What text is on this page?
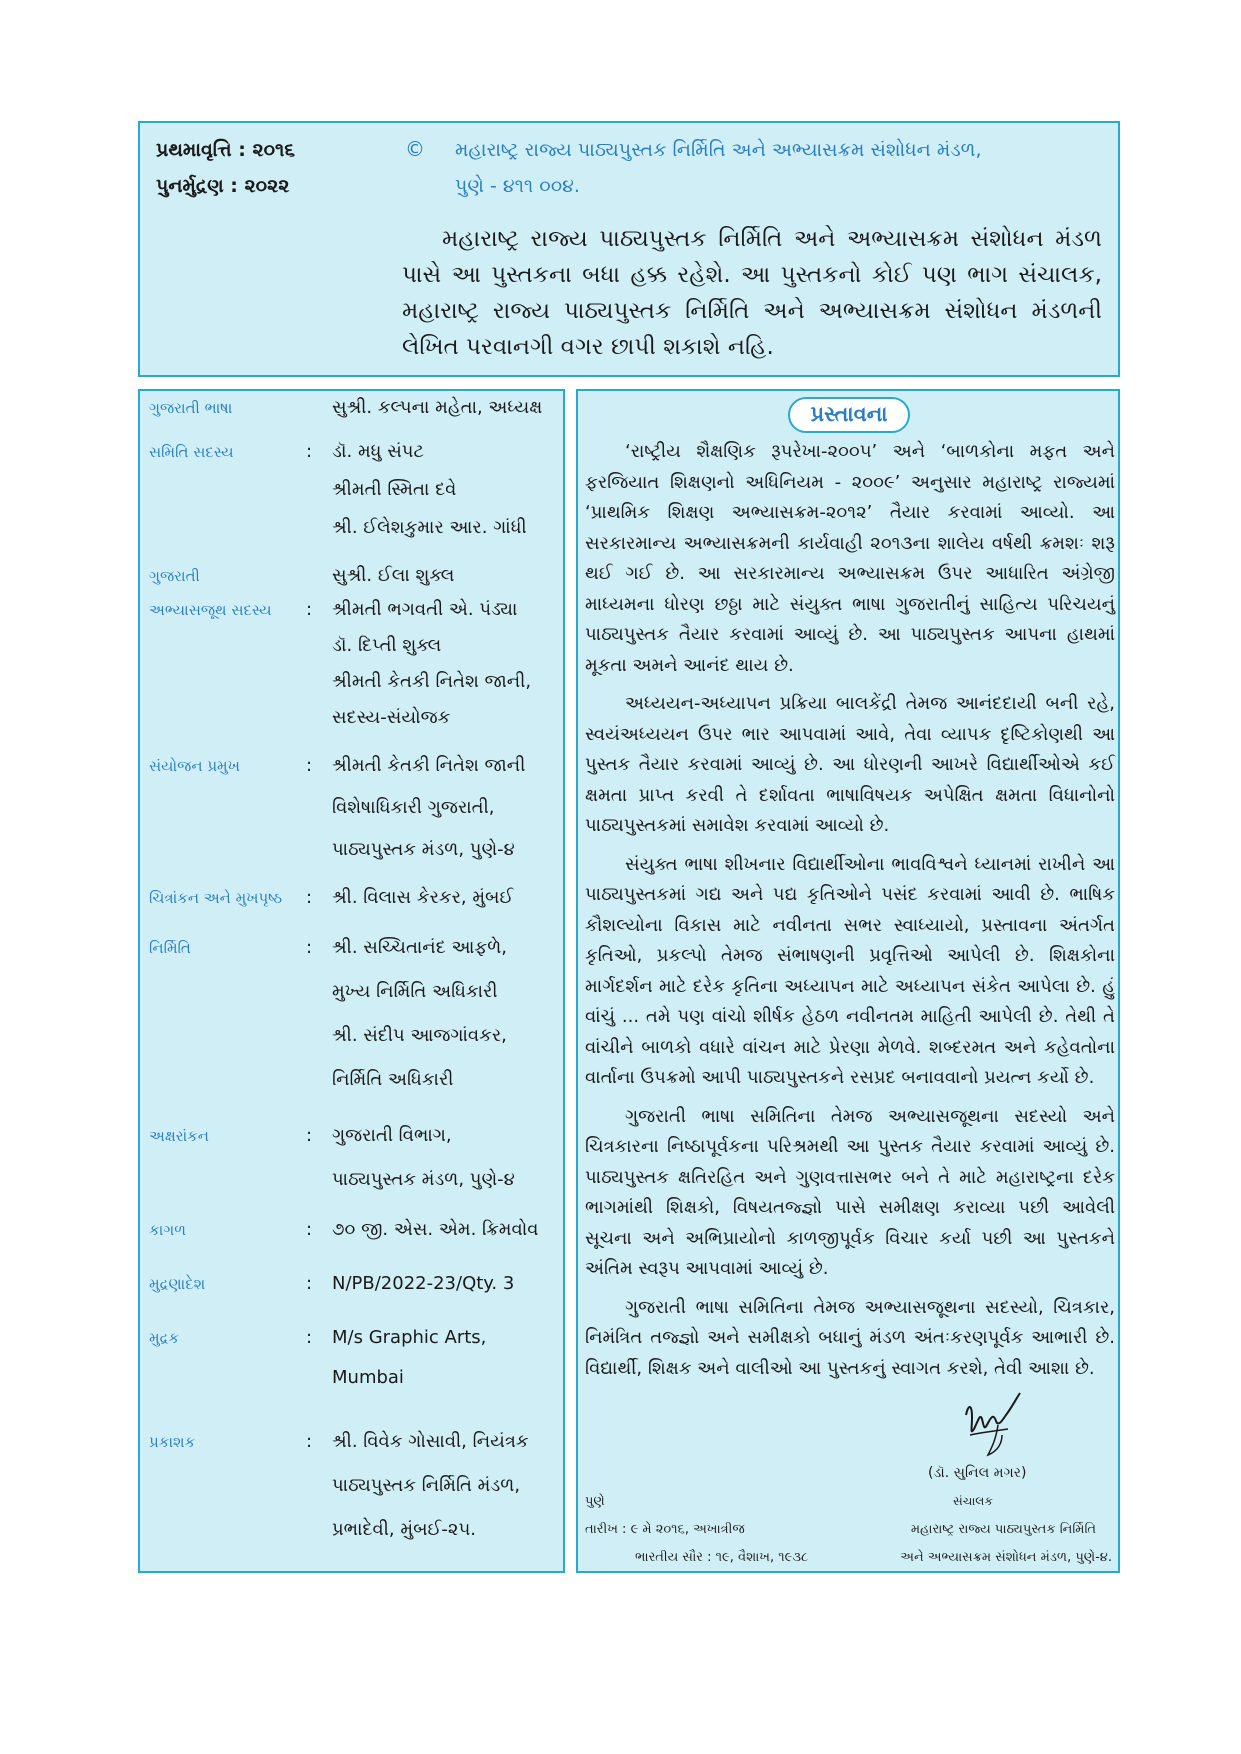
પ્રથમાવૃત્તિ : ૨૦૧૬
પુનર્મુદ્રણ : ૨૦૨૨
© મહારાષ્ટ્ર રાજ્ય પાઠ્યપુસ્તક નિર્મિતિ અને અભ્યાસક્રમ સંશોધન મંડળ,
પુણે - ૪૧૧ ૦૦૪.

મહારાષ્ટ્ર રાજ્ય પાઠ્યપુસ્તક નિર્મિતિ અને અભ્યાસક્રમ સંશોધન મંડળ પાસે આ પુસ્તકના બધા હક્ક રહેશે. આ પુસ્તકનો કોઈ પણ ભાગ સંચાલક, મહારાષ્ટ્ર રાજ્ય પાઠ્યપુસ્તક નિર્મિતિ અને અભ્યાસક્રમ સંશોધન મંડળની લેખિત પરવાનગી વગર છાપી શકાશે નહિ.

ગુજરાતી ભાષા	સુશ્રી. કલ્પના મહેતા, અધ્યક્ષ
સમિતિ સદસ્ય	: ડૉ. મધુ સંપટ
શ્રીમતી સ્મિતા દવે
શ્રી. ઈલેશકુમાર આર. ગાંધી
ગુજરાતી	સુશ્રી. ઈલા શુક્લ
અભ્યાસજૂથ સદસ્ય : શ્રીમતી ભગવતી એ. પંડ્યા
ડૉ. દિપ્તી શુક્લ
શ્રીમતી કેતકી નિતેશ જાની,
સદસ્ય-સંયોજક
સંયોજન પ્રમુખ	: શ્રીમતી કેતકી નિતેશ જાની
વિશેષાધિકારી ગુજરાતી,
પાઠ્યપુસ્તક મંડળ, પુણે-૪
ચિત્રાંકન અને મુખપૃષ્ઠ : શ્રી. વિલાસ કેરકર, મુંબઈ
નિર્મિતિ	: શ્રી. સચ્ચિતાનંદ આફળે,
મુખ્ય નિર્મિતિ અધિકારી
શ્રી. સંદીપ આજગાંવકર,
નિર્મિતિ અધિકારી
અક્ષરાંકન	: ગુજરાતી વિભાગ,
પાઠ્યપુસ્તક મંડળ, પુણે-૪
કાગળ	: ૭૦ જી. એસ. એમ. ક્રિમવોવ
મુદ્રણાદેશ	: N/PB/2022-23/Qty. 3
મુદ્રક	: M/s Graphic Arts,
Mumbai
પ્રકાશક	: શ્રી. વિવેક ગોસાવી, નિયંત્રક
પાઠ્યપુસ્તક નિર્મિતિ મંડળ,
પ્રભાદેવી, મુંબઈ-૨૫.
પ્રસ્તાવના

‘રાષ્ટ્રીય શૈક્ષણિક રૂપરેખા-૨૦૦૫’ અને ‘બાળકોના મફત અને ફરજિયાત શિક્ષણનો અધિનિયમ - ૨૦૦૯’ અનુસાર મહારાષ્ટ્ર રાજ્યમાં ‘પ્રાથમિક શિક્ષણ અભ્યાસક્રમ-૨૦૧૨’ તૈયાર કરવામાં આવ્યો. આ સરકારમાન્ય અભ્યાસક્રમની કાર્યવાહી ૨૦૧૩ના શાલેય વર્ષથી ક્રમશઃ શરૂ થઈ ગઈ છે. આ સરકારમાન્ય અભ્યાસક્રમ ઉપર આધારિત અંગ્રેજી માધ્યમના ધોરણ છઠ્ઠા માટે સંયુક્ત ભાષા ગુજરાતીનું સાહિત્ય પરિચયનું પાઠ્યપુસ્તક તૈયાર કરવામાં આવ્યું છે. આ પાઠ્યપુસ્તક આપના હાથમાં મૂકતા અમને આનંદ થાય છે.

અધ્યયન-અધ્યાપન પ્રક્રિયા બાલકેંદ્રી તેમજ આનંદદાયી બની રહે, સ્વયંઅધ્યયન ઉપર ભાર આપવામાં આવે, તેવા વ્યાપક દૃષ્ટિકોણથી આ પુસ્તક તૈયાર કરવામાં આવ્યું છે. આ ધોરણની આખરે વિદ્યાર્થીઓએ કઈ ક્ષમતા પ્રાપ્ત કરવી તે દર્શાવતા ભાષાવિષયક અપેક્ષિત ક્ષમતા વિધાનોનો પાઠ્યપુસ્તકમાં સમાવેશ કરવામાં આવ્યો છે.

સંયુક્ત ભાષા શીખનાર વિદ્યાર્થીઓના ભાવવિશ્વને ધ્યાનમાં રાખીને આ પાઠ્યપુસ્તકમાં ગદ્ય અને પદ્ય કૃતિઓને પસંદ કરવામાં આવી છે. ભાષિક કૌશલ્યોના વિકાસ માટે નવીનતા સભર સ્વાધ્યાયો, પ્રસ્તાવના અંતર્ગત કૃતિઓ, પ્રકલ્પો તેમજ સંભાષણની પ્રવૃત્તિઓ આપેલી છે. શિક્ષકોના માર્ગદર્શન માટે દરેક કૃતિના અધ્યાપન માટે અધ્યાપન સંકેત આપેલા છે. હું વાંચું ... તમે પણ વાંચો શીર્ષક હેઠળ નવીનતમ માહિતી આપેલી છે. તેથી તે વાંચીને બાળકો વધારે વાંચન માટે પ્રેરણા મેળવે. શબ્દરમત અને કહેવતોના વાર્તાના ઉપક્રમો આપી પાઠ્યપુસ્તકને રસપ્રદ બનાવવાનો પ્રયત્ન કર્યો છે.

ગુજરાતી ભાષા સમિતિના તેમજ અભ્યાસજૂથના સદસ્યો અને ચિત્રકારના નિષ્ઠાપૂર્વકના પરિશ્રમથી આ પુસ્તક તૈયાર કરવામાં આવ્યું છે. પાઠ્યપુસ્તક ક્ષતિરહિત અને ગુણવત્તાસભર બને તે માટે મહારાષ્ટ્રના દરેક ભાગમાંથી શિક્ષકો, વિષયતજ્જ્ઞો પાસે સમીક્ષણ કરાવ્યા પછી આવેલી સૂચના અને અભિપ્રાયોનો કાળજીપૂર્વક વિચાર કર્યા પછી આ પુસ્તકને અંતિમ સ્વરૂપ આપવામાં આવ્યું છે.

ગુજરાતી ભાષા સમિતિના તેમજ અભ્યાસજૂથના સદસ્યો, ચિત્રકાર, નિમંત્રિત તજ્જ્ઞો અને સમીક્ષકો બધાનું મંડળ અંતઃકરણપૂર્વક આભારી છે. વિદ્યાર્થી, શિક્ષક અને વાલીઓ આ પુસ્તકનું સ્વાગત કરશે, તેવી આશા છે.

(ડૉ. સુનિલ મગર)
સંચાલક
પુણે
તારીખ : ૯ મે ૨૦૧૬, અખાત્રીજ
ભારતીય સૌર : ૧૯, વૈશાખ, ૧૯૩૮
મહારાષ્ટ્ર રાજ્ય પાઠ્યપુસ્તક નિર્મિતિ
અને અભ્યાસક્રમ સંશોધન મંડળ, પુણે-૪.
